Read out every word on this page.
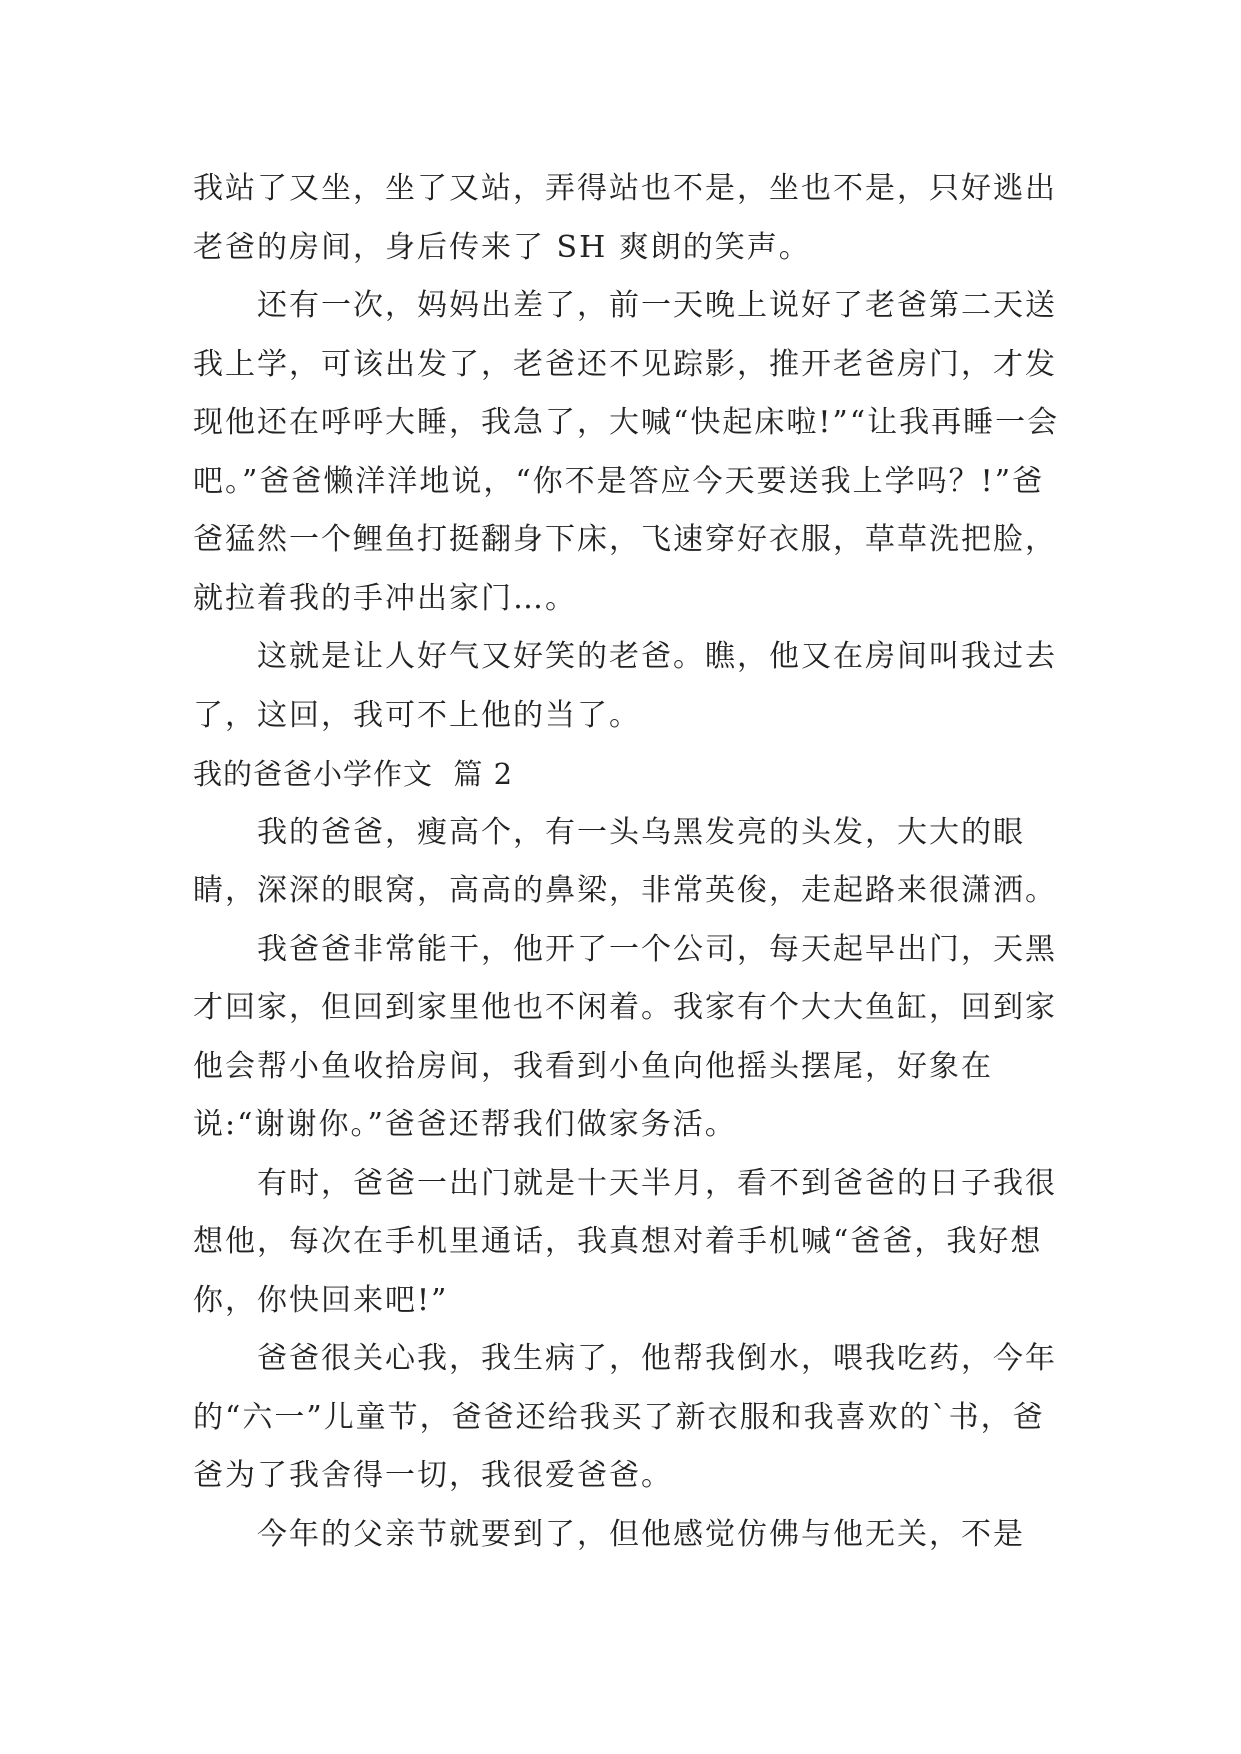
我站了又坐，坐了又站，弄得站也不是，坐也不是，只好逃出老爸的房间，身后传来了 SH 爽朗的笑声。

　　还有一次，妈妈出差了，前一天晚上说好了老爸第二天送我上学，可该出发了，老爸还不见踪影，推开老爸房门，才发现他还在呼呼大睡，我急了，大喊“快起床啦!”“让我再睡一会吧。”爸爸懒洋洋地说，“你不是答应今天要送我上学吗？!”爸爸猛然一个鲤鱼打挺翻身下床，飞速穿好衣服，草草洗把脸，就拉着我的手冲出家门…。

　　这就是让人好气又好笑的老爸。瞧，他又在房间叫我过去了，这回，我可不上他的当了。

我的爸爸小学作文  篇 2

　　我的爸爸，瘦高个，有一头乌黑发亮的头发，大大的眼睛，深深的眼窝，高高的鼻梁，非常英俊，走起路来很潇洒。

　　我爸爸非常能干，他开了一个公司，每天起早出门，天黑才回家，但回到家里他也不闲着。我家有个大大鱼缸，回到家他会帮小鱼收拾房间，我看到小鱼向他摇头摆尾，好象在说:“谢谢你。”爸爸还帮我们做家务活。

　　有时，爸爸一出门就是十天半月，看不到爸爸的日子我很想他，每次在手机里通话，我真想对着手机喊“爸爸，我好想你，你快回来吧!”

　　爸爸很关心我，我生病了，他帮我倒水，喂我吃药，今年的“六一”儿童节，爸爸还给我买了新衣服和我喜欢的`书，爸爸为了我舍得一切，我很爱爸爸。

　　今年的父亲节就要到了，但他感觉仿佛与他无关，不是
